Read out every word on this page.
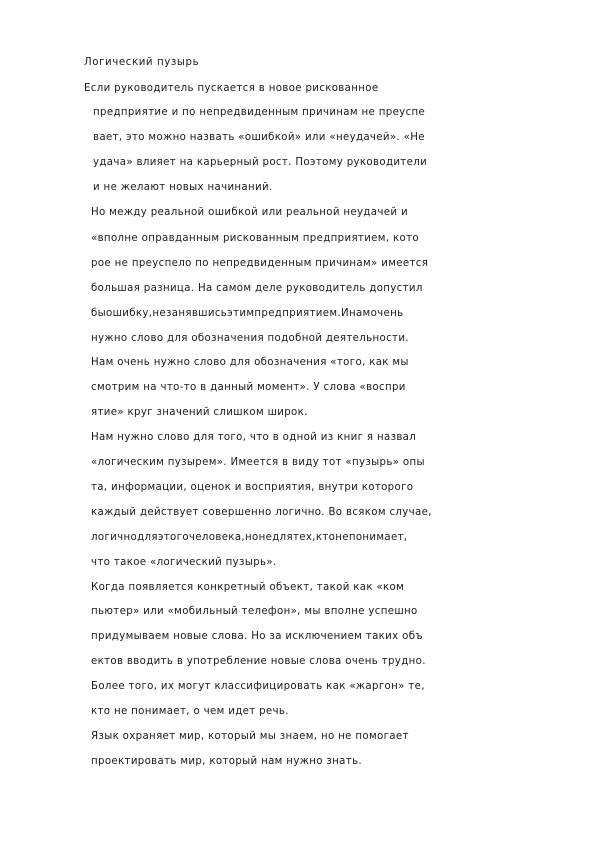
Логический пузырь
Если руководитель пускается в новое рискованное
предприятие и по непредвиденным причинам не преуспе
вает, это можно назвать «ошибкой» или «неудачей». «Не
удача» влияет на карьерный рост. Поэтому руководители
и не желают новых начинаний.
Но между реальной ошибкой или реальной неудачей и
«вполне оправданным рискованным предприятием, кото
рое не преуспело по непредвиденным причинам» имеется
большая разница. На самом деле руководитель допустил
быошибку,незанявшисьэтимпредприятием.Инамочень
нужно слово для обозначения подобной деятельности.
Нам очень нужно слово для обозначения «того, как мы
смотрим на что-то в данный момент». У слова «воспри
ятие» круг значений слишком широк.
Нам нужно слово для того, что в одной из книг я назвал
«логическим пузырем». Имеется в виду тот «пузырь» опы
та, информации, оценок и восприятия, внутри которого
каждый действует совершенно логично. Во всяком случае,
логичнодляэтогочеловека,нонедлятех,ктонепонимает,
что такое «логический пузырь».
Когда появляется конкретный объект, такой как «ком
пьютер» или «мобильный телефон», мы вполне успешно
придумываем новые слова. Но за исключением таких объ
ектов вводить в употребление новые слова очень трудно.
Более того, их могут классифицировать как «жаргон» те,
кто не понимает, о чем идет речь.
Язык охраняет мир, который мы знаем, но не помогает
проектировать мир, который нам нужно знать.
